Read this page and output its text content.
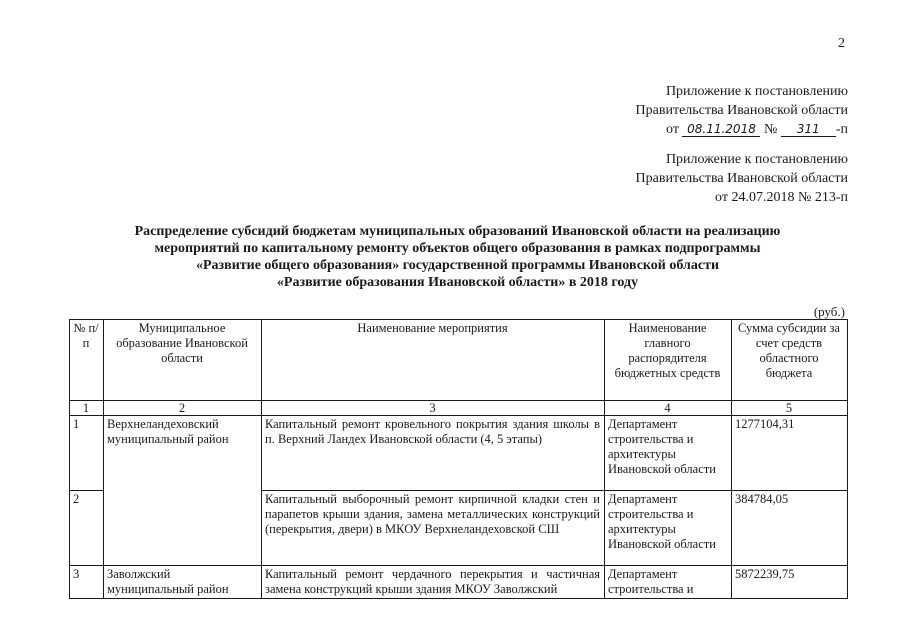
2
Приложение к постановлению
Правительства Ивановской области
от 08.11.2018 № 311 -п
Приложение к постановлению
Правительства Ивановской области
от 24.07.2018 № 213-п
Распределение субсидий бюджетам муниципальных образований Ивановской области на реализацию
мероприятий по капитальному ремонту объектов общего образования в рамках подпрограммы
«Развитие общего образования» государственной программы Ивановской области
«Развитие образования Ивановской области» в 2018 году
(руб.)
№ п/п	Муниципальное образование Ивановской области	Наименование мероприятия	Наименование главного распорядителя бюджетных средств	Сумма субсидии за счет средств областного бюджета
1	2	3	4	5
1	Верхнеландеховский муниципальный район	Капитальный ремонт кровельного покрытия здания школы в п. Верхний Ландех Ивановской области (4, 5 этапы)	Департамент строительства и архитектуры Ивановской области	1277104,31
2		Капитальный выборочный ремонт кирпичной кладки стен и парапетов крыши здания, замена металлических конструкций (перекрытия, двери) в МКОУ Верхнеландеховской СШ	Департамент строительства и архитектуры Ивановской области	384784,05
3	Заволжский муниципальный район	Капитальный ремонт чердачного перекрытия и частичная замена конструкций крыши здания МКОУ Заволжский	Департамент строительства и	5872239,75
